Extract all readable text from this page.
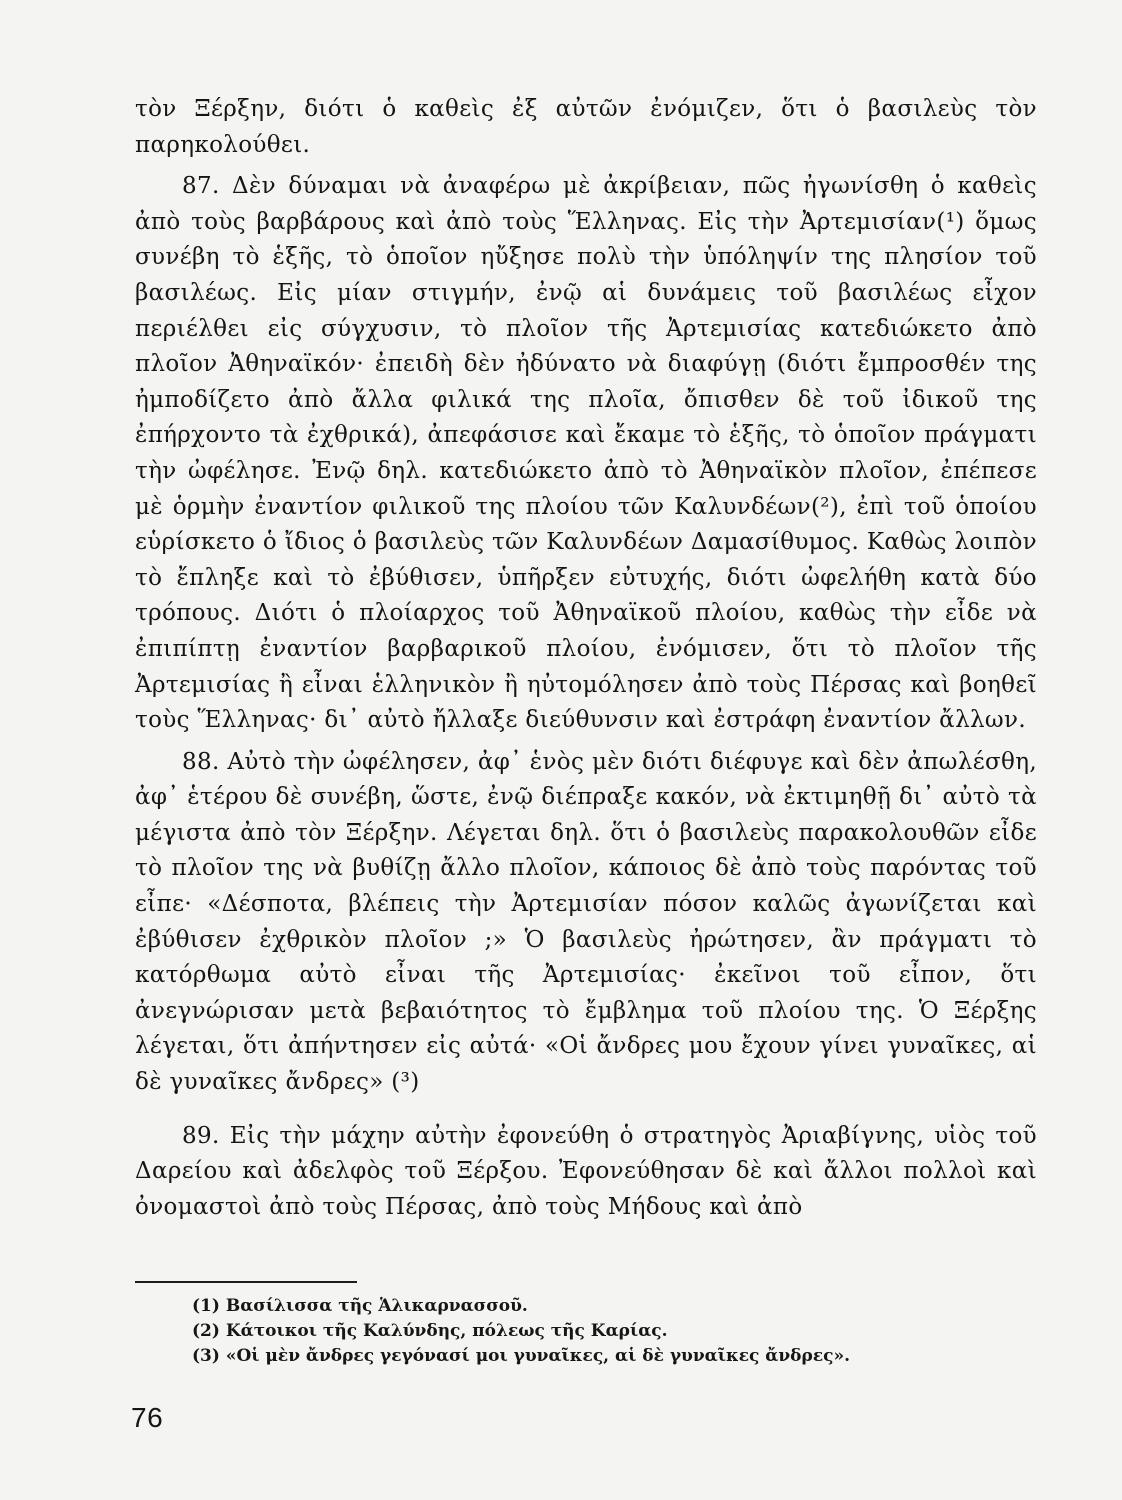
τὸν Ξέρξην, διότι ὁ καθεὶς ἐξ αὐτῶν ἐνόμιζεν, ὅτι ὁ βασιλεὺς τὸν παρηκολούθει.

87. Δὲν δύναμαι νὰ ἀναφέρω μὲ ἀκρίβειαν, πῶς ἠγωνίσθη ὁ καθεὶς ἀπὸ τοὺς βαρβάρους καὶ ἀπὸ τοὺς Ἕλληνας. Εἰς τὴν Ἀρτεμισίαν(¹) ὅμως συνέβη τὸ ἑξῆς, τὸ ὁποῖον ηὔξησε πολὺ τὴν ὑπόληψίν της πλησίον τοῦ βασιλέως. Εἰς μίαν στιγμήν, ἐνῷ αἱ δυνάμεις τοῦ βασιλέως εἶχον περιέλθει εἰς σύγχυσιν, τὸ πλοῖον τῆς Ἀρτεμισίας κατεδιώκετο ἀπὸ πλοῖον Ἀθηναϊκόν· ἐπειδὴ δὲν ἠδύνατο νὰ διαφύγῃ (διότι ἔμπροσθέν της ἠμποδίζετο ἀπὸ ἄλλα φιλικά της πλοῖα, ὄπισθεν δὲ τοῦ ἰδικοῦ της ἐπήρχοντο τὰ ἐχθρικά), ἀπεφάσισε καὶ ἔκαμε τὸ ἑξῆς, τὸ ὁποῖον πράγματι τὴν ὠφέλησε. Ἐνῷ δηλ. κατεδιώκετο ἀπὸ τὸ Ἀθηναϊκὸν πλοῖον, ἐπέπεσε μὲ ὁρμὴν ἐναντίον φιλικοῦ της πλοίου τῶν Καλυνδέων(²), ἐπὶ τοῦ ὁποίου εὑρίσκετο ὁ ἴδιος ὁ βασιλεὺς τῶν Καλυνδέων Δαμασίθυμος. Καθὼς λοιπὸν τὸ ἔπληξε καὶ τὸ ἐβύθισεν, ὑπῆρξεν εὐτυχής, διότι ὠφελήθη κατὰ δύο τρόπους. Διότι ὁ πλοίαρχος τοῦ Ἀθηναϊκοῦ πλοίου, καθὼς τὴν εἶδε νὰ ἐπιπίπτῃ ἐναντίον βαρβαρικοῦ πλοίου, ἐνόμισεν, ὅτι τὸ πλοῖον τῆς Ἀρτεμισίας ἢ εἶναι ἑλληνικὸν ἢ ηὐτομόλησεν ἀπὸ τοὺς Πέρσας καὶ βοηθεῖ τοὺς Ἕλληνας· δι᾽ αὐτὸ ἤλλαξε διεύθυνσιν καὶ ἐστράφη ἐναντίον ἄλλων.

88. Αὐτὸ τὴν ὠφέλησεν, ἀφ᾽ ἑνὸς μὲν διότι διέφυγε καὶ δὲν ἀπωλέσθη, ἀφ᾽ ἑτέρου δὲ συνέβη, ὥστε, ἐνῷ διέπραξε κακόν, νὰ ἐκτιμηθῇ δι᾽ αὐτὸ τὰ μέγιστα ἀπὸ τὸν Ξέρξην. Λέγεται δηλ. ὅτι ὁ βασιλεὺς παρακολουθῶν εἶδε τὸ πλοῖον της νὰ βυθίζῃ ἄλλο πλοῖον, κάποιος δὲ ἀπὸ τοὺς παρόντας τοῦ εἶπε· «Δέσποτα, βλέπεις τὴν Ἀρτεμισίαν πόσον καλῶς ἀγωνίζεται καὶ ἐβύθισεν ἐχθρικὸν πλοῖον ;» Ὁ βασιλεὺς ἠρώτησεν, ἂν πράγματι τὸ κατόρθωμα αὐτὸ εἶναι τῆς Ἀρτεμισίας· ἐκεῖνοι τοῦ εἶπον, ὅτι ἀνεγνώρισαν μετὰ βεβαιότητος τὸ ἔμβλημα τοῦ πλοίου της. Ὁ Ξέρξης λέγεται, ὅτι ἀπήντησεν εἰς αὐτά· «Οἱ ἄνδρες μου ἔχουν γίνει γυναῖκες, αἱ δὲ γυναῖκες ἄνδρες» (³)

89. Εἰς τὴν μάχην αὐτὴν ἐφονεύθη ὁ στρατηγὸς Ἀριαβίγνης, υἱὸς τοῦ Δαρείου καὶ ἀδελφὸς τοῦ Ξέρξου. Ἐφονεύθησαν δὲ καὶ ἄλλοι πολλοὶ καὶ ὀνομαστοὶ ἀπὸ τοὺς Πέρσας, ἀπὸ τοὺς Μήδους καὶ ἀπὸ

(1) Βασίλισσα τῆς Ἁλικαρνασσοῦ.

(2) Κάτοικοι τῆς Καλύνδης, πόλεως τῆς Καρίας.

(3) «Οἱ μὲν ἄνδρες γεγόνασί μοι γυναῖκες, αἱ δὲ γυναῖκες ἄνδρες».

76
